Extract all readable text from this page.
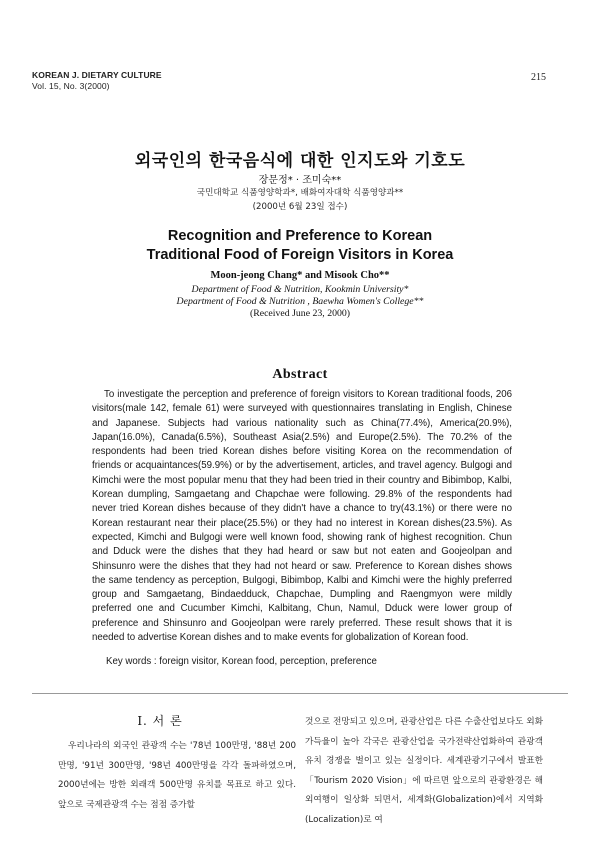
KOREAN J. DIETARY CULTURE
Vol. 15, No. 3(2000)
215
외국인의 한국음식에 대한 인지도와 기호도
장문정* · 조미숙**
국민대학교 식품영양학과*, 배화여자대학 식품영양과**
(2000년 6월 23일 접수)
Recognition and Preference to Korean
Traditional Food of Foreign Visitors in Korea
Moon-jeong Chang* and Misook Cho**
Department of Food & Nutrition, Kookmin University*
Department of Food & Nutrition , Baewha Women's College**
(Received June 23, 2000)
Abstract

To investigate the perception and preference of foreign visitors to Korean traditional foods, 206 visitors(male 142, female 61) were surveyed with questionnaires translating in English, Chinese and Japanese. Subjects had various nationality such as China(77.4%), America(20.9%), Japan(16.0%), Canada(6.5%), Southeast Asia(2.5%) and Europe(2.5%). The 70.2% of the respondents had been tried Korean dishes before visiting Korea on the recommendation of friends or acquaintances(59.9%) or by the advertisement, articles, and travel agency. Bulgogi and Kimchi were the most popular menu that they had been tried in their country and Bibimbop, Kalbi, Korean dumpling, Samgaetang and Chapchae were following. 29.8% of the respondents had never tried Korean dishes because of they didn't have a chance to try(43.1%) or there were no Korean restaurant near their place(25.5%) or they had no interest in Korean dishes(23.5%). As expected, Kimchi and Bulgogi were well known food, showing rank of highest recognition. Chun and Dduck were the dishes that they had heard or saw but not eaten and Goojeolpan and Shinsunro were the dishes that they had not heard or saw. Preference to Korean dishes shows the same tendency as perception, Bulgogi, Bibimbop, Kalbi and Kimchi were the highly preferred group and Samgaetang, Bindaedduck, Chapchae, Dumpling and Raengmyon were mildly preferred one and Cucumber Kimchi, Kalbitang, Chun, Namul, Dduck were lower group of preference and Shinsunro and Goojeolpan were rarely preferred. These result shows that it is needed to advertise Korean dishes and to make events for globalization of Korean food.

Key words : foreign visitor, Korean food, perception, preference
I. 서 론

우리나라의 외국인 관광객 수는 '78년 100만명, '88년 200만명, '91년 300만명, '98년 400만명을 각각 돌파하였으며, 2000년에는 방한 외래객 500만명 유치를 목표로 하고 있다. 앞으로 국제관광객 수는 점점 증가할

것으로 전망되고 있으며, 관광산업은 다른 수출산업보다도 외화가득율이 높아 각국은 관광산업을 국가전략산업화하여 관광객 유치 경쟁을 벌이고 있는 실정이다. 세계관광기구에서 발표한「Tourism 2020 Vision」에 따르면 앞으로의 관광환경은 해외여행이 일상화 되면서, 세계화(Globalization)에서 지역화(Localization)로 여
